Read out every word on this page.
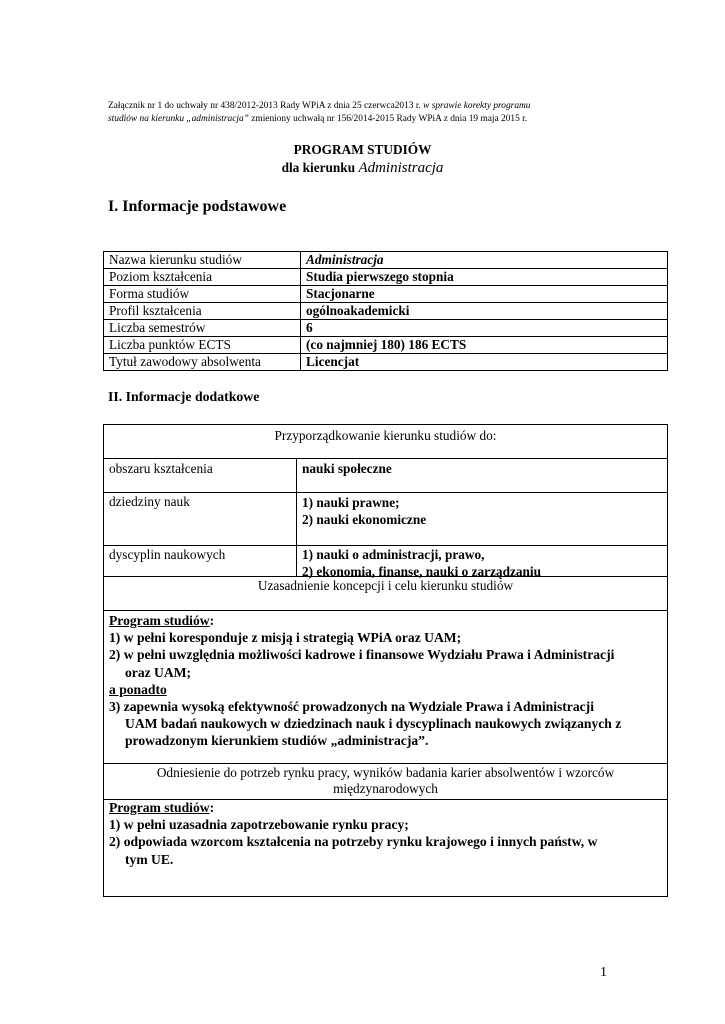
Załącznik nr 1 do uchwały nr 438/2012-2013 Rady WPiA z dnia 25 czerwca2013 r. w sprawie korekty programu
studiów na kierunku „administracja” zmieniony uchwałą nr 156/2014-2015 Rady WPiA z dnia 19 maja 2015 r.
PROGRAM STUDIÓW
dla kierunku Administracja
I. Informacje podstawowe
Nazwa kierunku studiów	Administracja
Poziom kształcenia	Studia pierwszego stopnia
Forma studiów	Stacjonarne
Profil kształcenia	ogólnoakademicki
Liczba semestrów	6
Liczba punktów ECTS	(co najmniej 180) 186 ECTS
Tytuł zawodowy absolwenta	Licencjat
II. Informacje dodatkowe
Przyporządkowanie kierunku studiów do:
obszaru kształcenia	nauki społeczne
dziedziny nauk	1) nauki prawne;
2) nauki ekonomiczne
dyscyplin naukowych	1) nauki o administracji, prawo,
2) ekonomia, finanse, nauki o zarządzaniu
Uzasadnienie koncepcji i celu kierunku studiów
Program studiów:
1) w pełni koresponduje z misją i strategią WPiA oraz UAM;
2) w pełni uwzględnia możliwości kadrowe i finansowe Wydziału Prawa i Administracji
oraz UAM;
a ponadto
3) zapewnia wysoką efektywność prowadzonych na Wydziale Prawa i Administracji
UAM badań naukowych w dziedzinach nauk i dyscyplinach naukowych związanych z
prowadzonym kierunkiem studiów „administracja”.
Odniesienie do potrzeb rynku pracy, wyników badania karier absolwentów i wzorców
międzynarodowych
Program studiów:
1) w pełni uzasadnia zapotrzebowanie rynku pracy;
2) odpowiada wzorcom kształcenia na potrzeby rynku krajowego i innych państw, w
tym UE.
1
